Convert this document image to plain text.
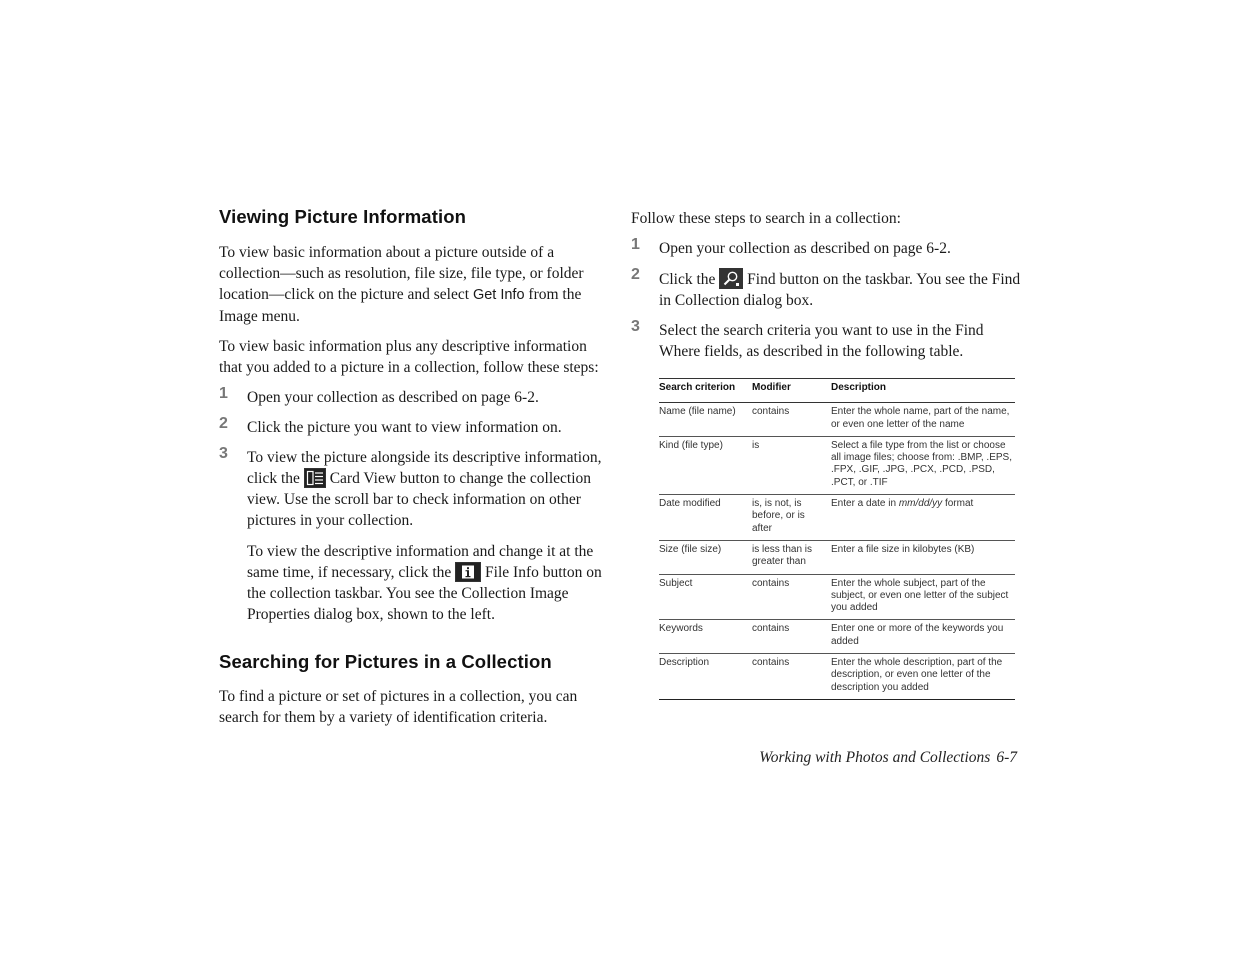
Viewing Picture Information

To view basic information about a picture outside of a collection—such as resolution, file size, file type, or folder location—click on the picture and select Get Info from the Image menu.

To view basic information plus any descriptive information that you added to a picture in a collection, follow these steps:

1 Open your collection as described on page 6-2.

2 Click the picture you want to view information on.

3 To view the picture alongside its descriptive information, click the  Card View button to change the collection view. Use the scroll bar to check information on other pictures in your collection.

To view the descriptive information and change it at the same time, if necessary, click the  File Info button on the collection taskbar. You see the Collection Image Properties dialog box, shown to the left.

Searching for Pictures in a Collection

To find a picture or set of pictures in a collection, you can search for them by a variety of identification criteria.

Follow these steps to search in a collection:

1 Open your collection as described on page 6-2.

2 Click the  Find button on the taskbar. You see the Find in Collection dialog box.

3 Select the search criteria you want to use in the Find Where fields, as described in the following table.

Search criterion	Modifier	Description
Name (file name)	contains	Enter the whole name, part of the name, or even one letter of the name
Kind (file type)	is	Select a file type from the list or choose all image files; choose from: .BMP, .EPS, .FPX, .GIF, .JPG, .PCX, .PCD, .PSD, .PCT, or .TIF
Date modified	is, is not, is before, or is after	Enter a date in mm/dd/yy format
Size (file size)	is less than is greater than	Enter a file size in kilobytes (KB)
Subject	contains	Enter the whole subject, part of the subject, or even one letter of the subject you added
Keywords	contains	Enter one or more of the keywords you added
Description	contains	Enter the whole description, part of the description, or even one letter of the description you added
Working with Photos and Collections 6-7
